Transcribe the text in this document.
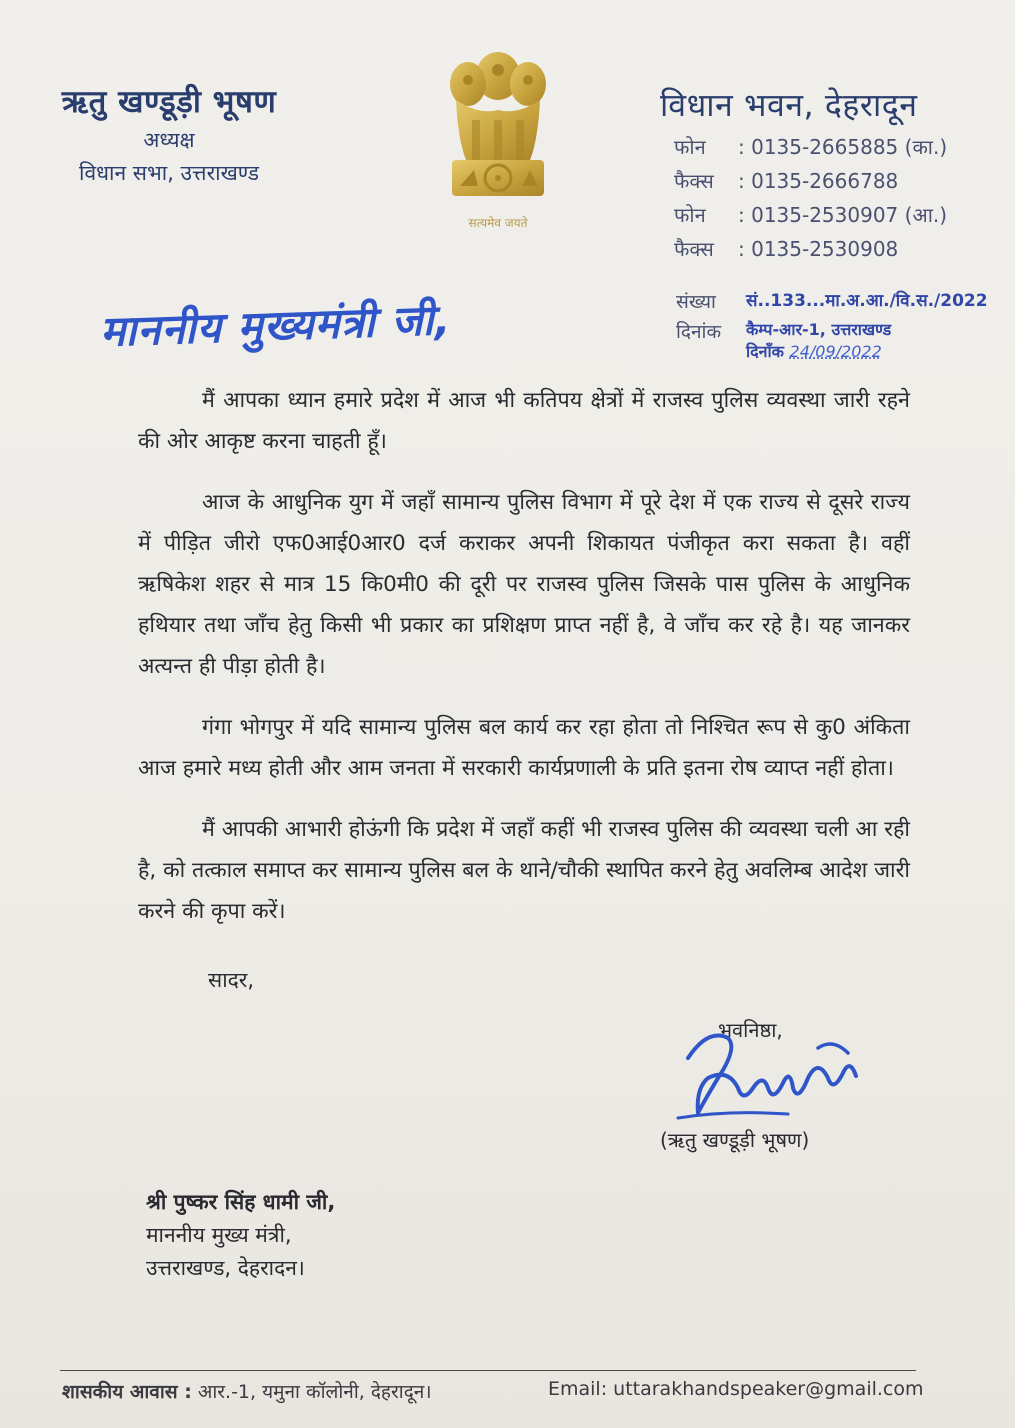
ऋतु खण्डूड़ी भूषण
अध्यक्ष
विधान सभा, उत्तराखण्ड
सत्यमेव जयते
विधान भवन, देहरादून
फोन : 0135-2665885 (का.)
फैक्स : 0135-2666788
फोन : 0135-2530907 (आ.)
फैक्स : 0135-2530908
माननीय मुख्यमंत्री जी,	संख्या सं..133...मा.अ.आ./वि.स./2022
दिनांक कैम्प-आर-1, उत्तराखण्ड
दिनाँक 24/09/2022

मैं आपका ध्यान हमारे प्रदेश में आज भी कतिपय क्षेत्रों में राजस्व पुलिस व्यवस्था जारी रहने की ओर आकृष्ट करना चाहती हूँ।

आज के आधुनिक युग में जहाँ सामान्य पुलिस विभाग में पूरे देश में एक राज्य से दूसरे राज्य में पीड़ित जीरो एफ0आई0आर0 दर्ज कराकर अपनी शिकायत पंजीकृत करा सकता है। वहीं ऋषिकेश शहर से मात्र 15 कि0मी0 की दूरी पर राजस्व पुलिस जिसके पास पुलिस के आधुनिक हथियार तथा जाँच हेतु किसी भी प्रकार का प्रशिक्षण प्राप्त नहीं है, वे जाँच कर रहे है। यह जानकर अत्यन्त ही पीड़ा होती है।

गंगा भोगपुर में यदि सामान्य पुलिस बल कार्य कर रहा होता तो निश्चित रूप से कु0 अंकिता आज हमारे मध्य होती और आम जनता में सरकारी कार्यप्रणाली के प्रति इतना रोष व्याप्त नहीं होता।

मैं आपकी आभारी होऊंगी कि प्रदेश में जहाँ कहीं भी राजस्व पुलिस की व्यवस्था चली आ रही है, को तत्काल समाप्त कर सामान्य पुलिस बल के थाने/चौकी स्थापित करने हेतु अवलिम्ब आदेश जारी करने की कृपा करें।

सादर,
भवनिष्ठा,
(ऋतु खण्डूड़ी भूषण)
श्री पुष्कर सिंह धामी जी,
माननीय मुख्य मंत्री,
उत्तराखण्ड, देहरादन।
शासकीय आवास : आर.-1, यमुना कॉलोनी, देहरादून।	Email: uttarakhandspeaker@gmail.com
